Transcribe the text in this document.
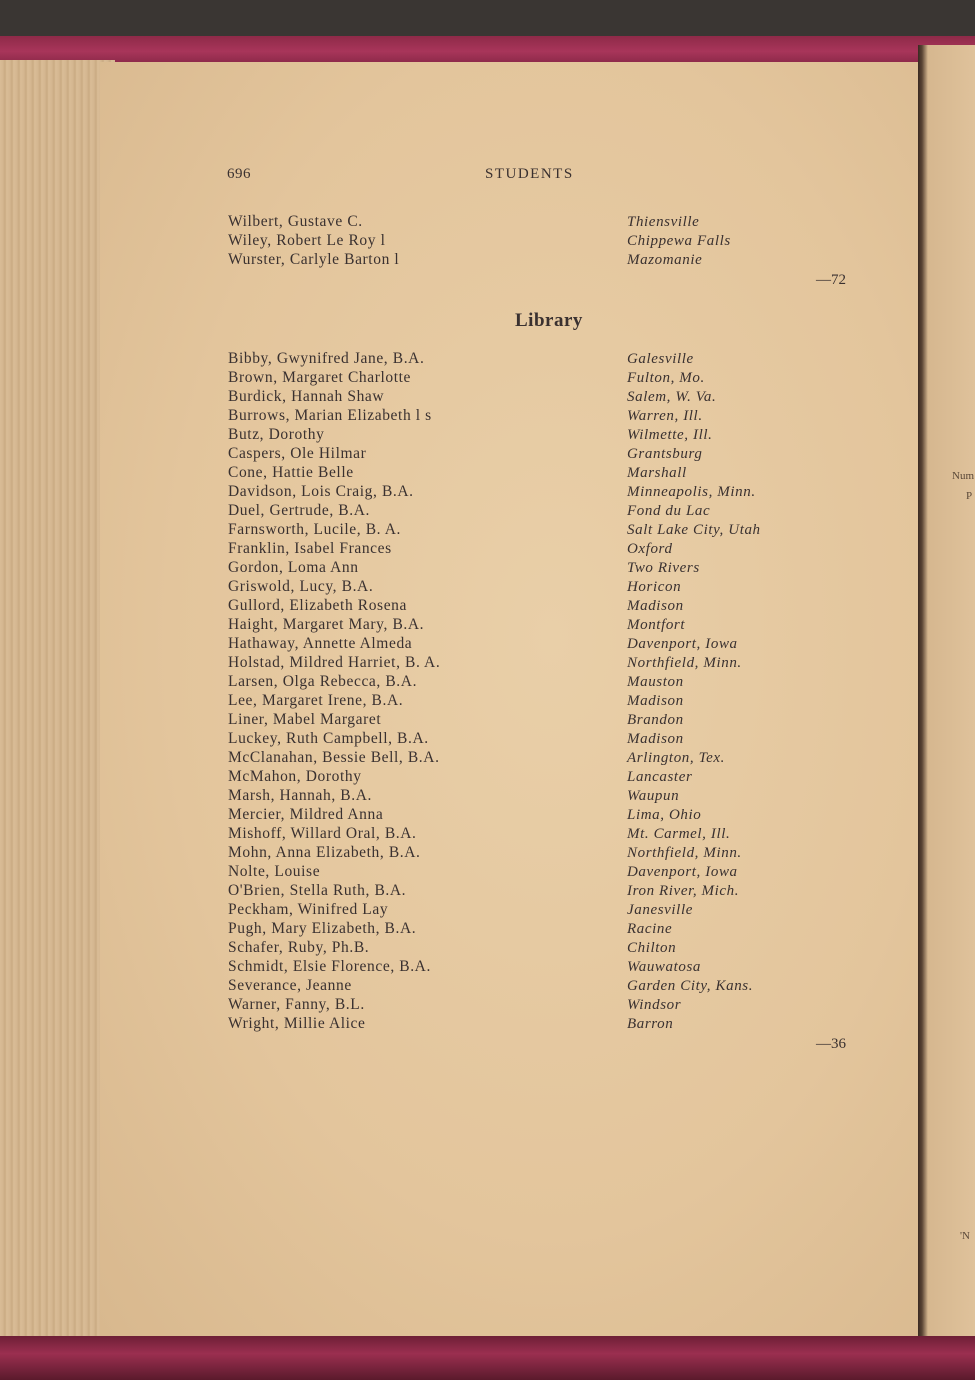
Num
P
'N
696	STUDENTS
Wilbert, Gustave C.	Thiensville
Wiley, Robert Le Roy l	Chippewa Falls
Wurster, Carlyle Barton l	Mazomanie
—72
Library
Bibby, Gwynifred Jane, B.A.	Galesville
Brown, Margaret Charlotte	Fulton, Mo.
Burdick, Hannah Shaw	Salem, W. Va.
Burrows, Marian Elizabeth l s	Warren, Ill.
Butz, Dorothy	Wilmette, Ill.
Caspers, Ole Hilmar	Grantsburg
Cone, Hattie Belle	Marshall
Davidson, Lois Craig, B.A.	Minneapolis, Minn.
Duel, Gertrude, B.A.	Fond du Lac
Farnsworth, Lucile, B. A.	Salt Lake City, Utah
Franklin, Isabel Frances	Oxford
Gordon, Loma Ann	Two Rivers
Griswold, Lucy, B.A.	Horicon
Gullord, Elizabeth Rosena	Madison
Haight, Margaret Mary, B.A.	Montfort
Hathaway, Annette Almeda	Davenport, Iowa
Holstad, Mildred Harriet, B. A.	Northfield, Minn.
Larsen, Olga Rebecca, B.A.	Mauston
Lee, Margaret Irene, B.A.	Madison
Liner, Mabel Margaret	Brandon
Luckey, Ruth Campbell, B.A.	Madison
McClanahan, Bessie Bell, B.A.	Arlington, Tex.
McMahon, Dorothy	Lancaster
Marsh, Hannah, B.A.	Waupun
Mercier, Mildred Anna	Lima, Ohio
Mishoff, Willard Oral, B.A.	Mt. Carmel, Ill.
Mohn, Anna Elizabeth, B.A.	Northfield, Minn.
Nolte, Louise	Davenport, Iowa
O'Brien, Stella Ruth, B.A.	Iron River, Mich.
Peckham, Winifred Lay	Janesville
Pugh, Mary Elizabeth, B.A.	Racine
Schafer, Ruby, Ph.B.	Chilton
Schmidt, Elsie Florence, B.A.	Wauwatosa
Severance, Jeanne	Garden City, Kans.
Warner, Fanny, B.L.	Windsor
Wright, Millie Alice	Barron
—36
